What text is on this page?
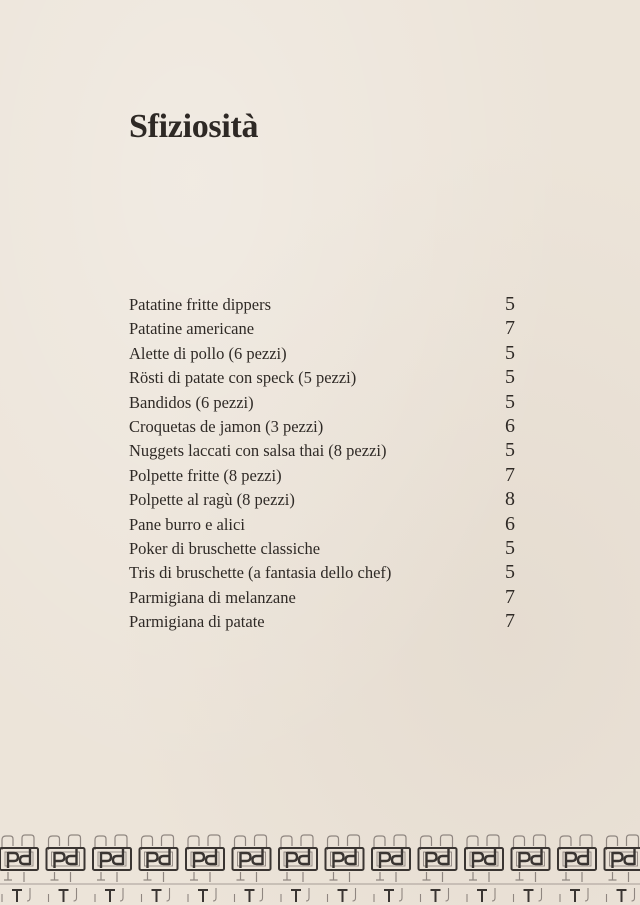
Sfiziosità
Patatine fritte dippers	5
Patatine americane	7
Alette di pollo (6 pezzi)	5
Rösti di patate con speck (5 pezzi)	5
Bandidos (6 pezzi)	5
Croquetas de jamon (3 pezzi)	6
Nuggets laccati con salsa thai (8 pezzi)	5
Polpette fritte (8 pezzi)	7
Polpette al ragù (8 pezzi)	8
Pane burro e alici	6
Poker di bruschette classiche	5
Tris di bruschette (a fantasia dello chef)	5
Parmigiana di melanzane	7
Parmigiana di patate	7
